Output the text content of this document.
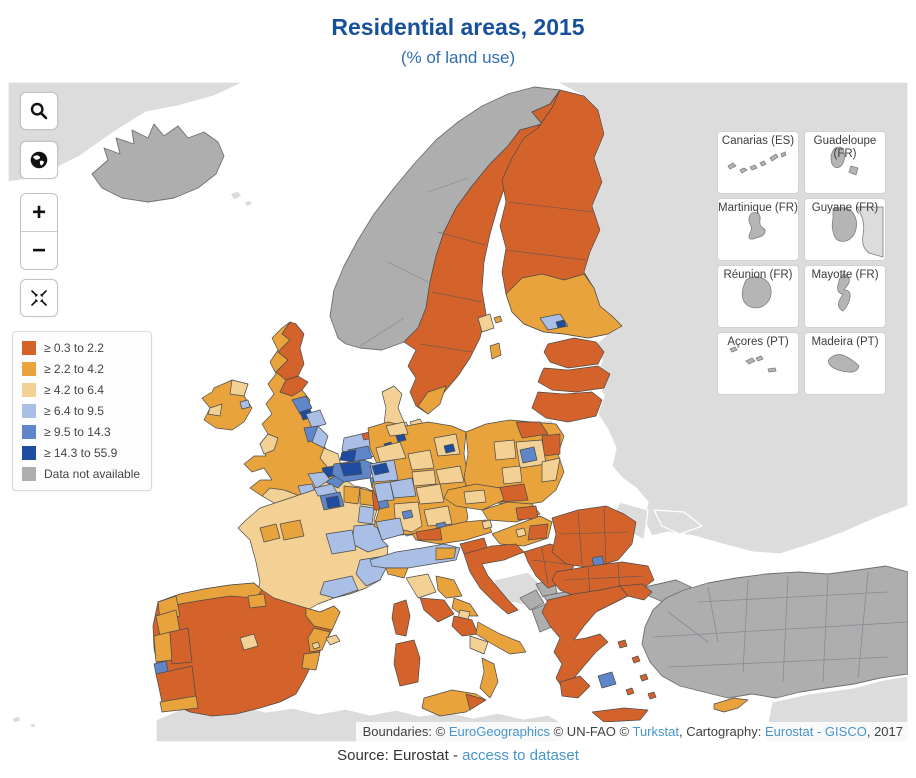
Residential areas, 2015
(% of land use)
+
−
≥ 0.3 to 2.2
≥ 2.2 to 4.2
≥ 4.2 to 6.4
≥ 6.4 to 9.5
≥ 9.5 to 14.3
≥ 14.3 to 55.9
Data not available
Canarias (ES)	Guadeloupe (FR)
Martinique (FR)	Guyane (FR)
Réunion (FR)	Mayotte (FR)
Açores (PT)	Madeira (PT)
Boundaries: © EuroGeographics © UN-FAO © Turkstat, Cartography: Eurostat - GISCO, 2017
Source: Eurostat - access to dataset
